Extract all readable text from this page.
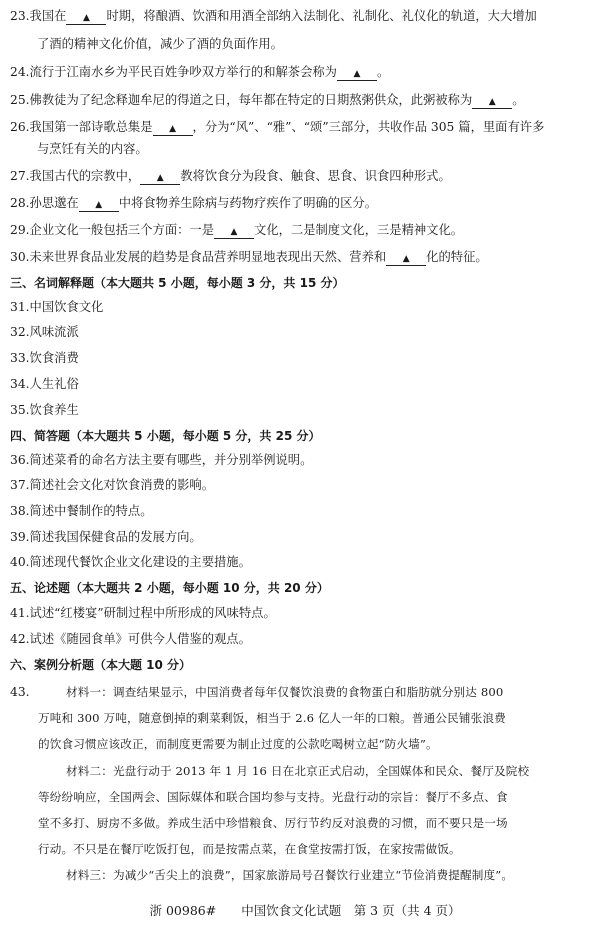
23.我国在 ▲ 时期，将酿酒、饮酒和用酒全部纳入法制化、礼制化、礼仪化的轨道，大大增加
了酒的精神文化价值，减少了酒的负面作用。
24.流行于江南水乡为平民百姓争吵双方举行的和解茶会称为 ▲ 。
25.佛教徒为了纪念释迦牟尼的得道之日，每年都在特定的日期熬粥供众，此粥被称为 ▲ 。
26.我国第一部诗歌总集是 ▲ ，分为“风”、“雅”、“颂”三部分，共收作品 305 篇，里面有许多
与烹饪有关的内容。
27.我国古代的宗教中， ▲ 教将饮食分为段食、触食、思食、识食四种形式。
28.孙思邈在 ▲ 中将食物养生除病与药物疗疾作了明确的区分。
29.企业文化一般包括三个方面：一是 ▲ 文化，二是制度文化，三是精神文化。
30.未来世界食品业发展的趋势是食品营养明显地表现出天然、营养和 ▲ 化的特征。
三、名词解释题（本大题共 5 小题，每小题 3 分，共 15 分）
31.中国饮食文化
32.风味流派
33.饮食消费
34.人生礼俗
35.饮食养生
四、简答题（本大题共 5 小题，每小题 5 分，共 25 分）
36.简述菜肴的命名方法主要有哪些，并分别举例说明。
37.简述社会文化对饮食消费的影响。
38.简述中餐制作的特点。
39.简述我国保健食品的发展方向。
40.简述现代餐饮企业文化建设的主要措施。
五、论述题（本大题共 2 小题，每小题 10 分，共 20 分）
41.试述“红楼宴”研制过程中所形成的风味特点。
42.试述《随园食单》可供今人借鉴的观点。
六、案例分析题（本大题 10 分）
43.	材料一：调查结果显示，中国消费者每年仅餐饮浪费的食物蛋白和脂肪就分别达 800
万吨和 300 万吨，随意倒掉的剩菜剩饭，相当于 2.6 亿人一年的口粮。普通公民铺张浪费
的饮食习惯应该改正，而制度更需要为制止过度的公款吃喝树立起“防火墙”。
材料二：光盘行动于 2013 年 1 月 16 日在北京正式启动，全国媒体和民众、餐厅及院校
等纷纷响应，全国两会、国际媒体和联合国均参与支持。光盘行动的宗旨：餐厅不多点、食
堂不多打、厨房不多做。养成生活中珍惜粮食、厉行节约反对浪费的习惯，而不要只是一场
行动。不只是在餐厅吃饭打包，而是按需点菜，在食堂按需打饭，在家按需做饭。
材料三：为减少“舌尖上的浪费”，国家旅游局号召餐饮行业建立“节俭消费提醒制度”。
浙 00986#　　中国饮食文化试题　第 3 页（共 4 页）
